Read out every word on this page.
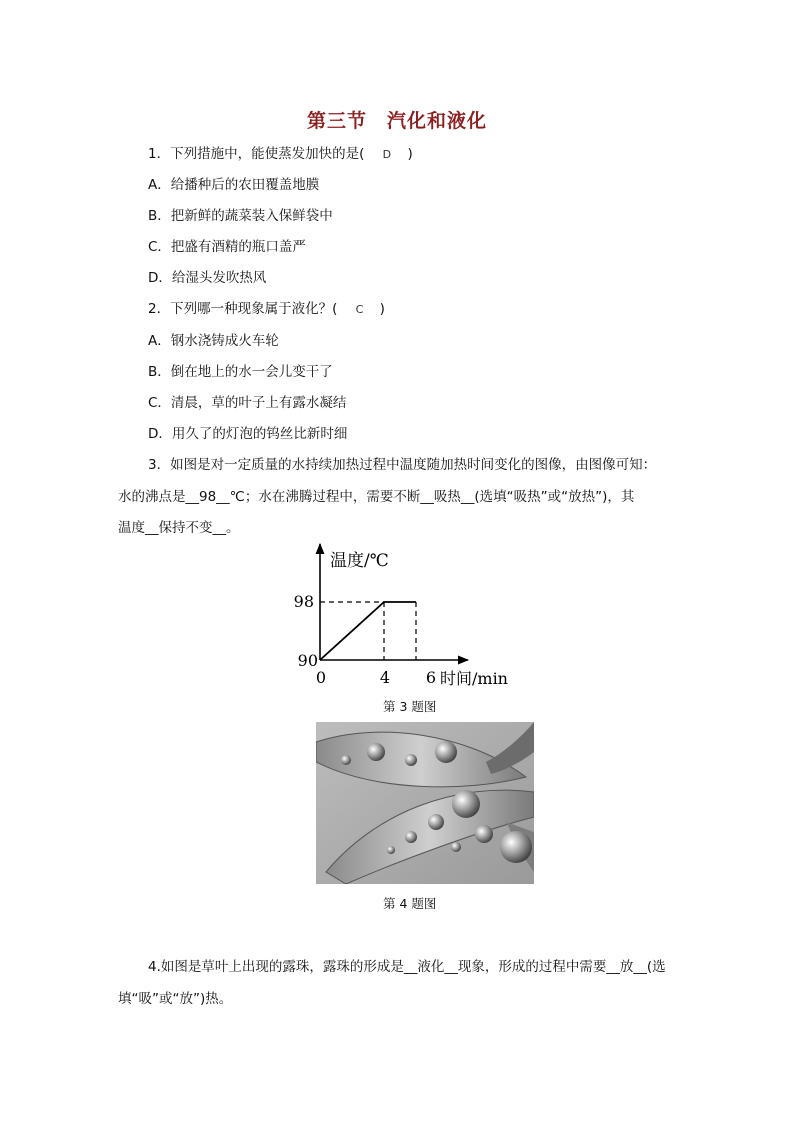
第三节　汽化和液化
1．下列措施中，能使蒸发加快的是( D )
A．给播种后的农田覆盖地膜
B．把新鲜的蔬菜装入保鲜袋中
C．把盛有酒精的瓶口盖严
D．给湿头发吹热风
2．下列哪一种现象属于液化？( C )
A．钢水浇铸成火车轮
B．倒在地上的水一会儿变干了
C．清晨，草的叶子上有露水凝结
D．用久了的灯泡的钨丝比新时细
3．如图是对一定质量的水持续加热过程中温度随加热时间变化的图像，由图像可知：
水的沸点是__98__℃；水在沸腾过程中，需要不断__吸热__(选填“吸热”或“放热”)，其
温度__保持不变__。
温度/℃
时间/min
98
90
0	4 6
第 3 题图
第 4 题图
4.如图是草叶上出现的露珠，露珠的形成是__液化__现象，形成的过程中需要__放__(选
填“吸”或“放”)热。
